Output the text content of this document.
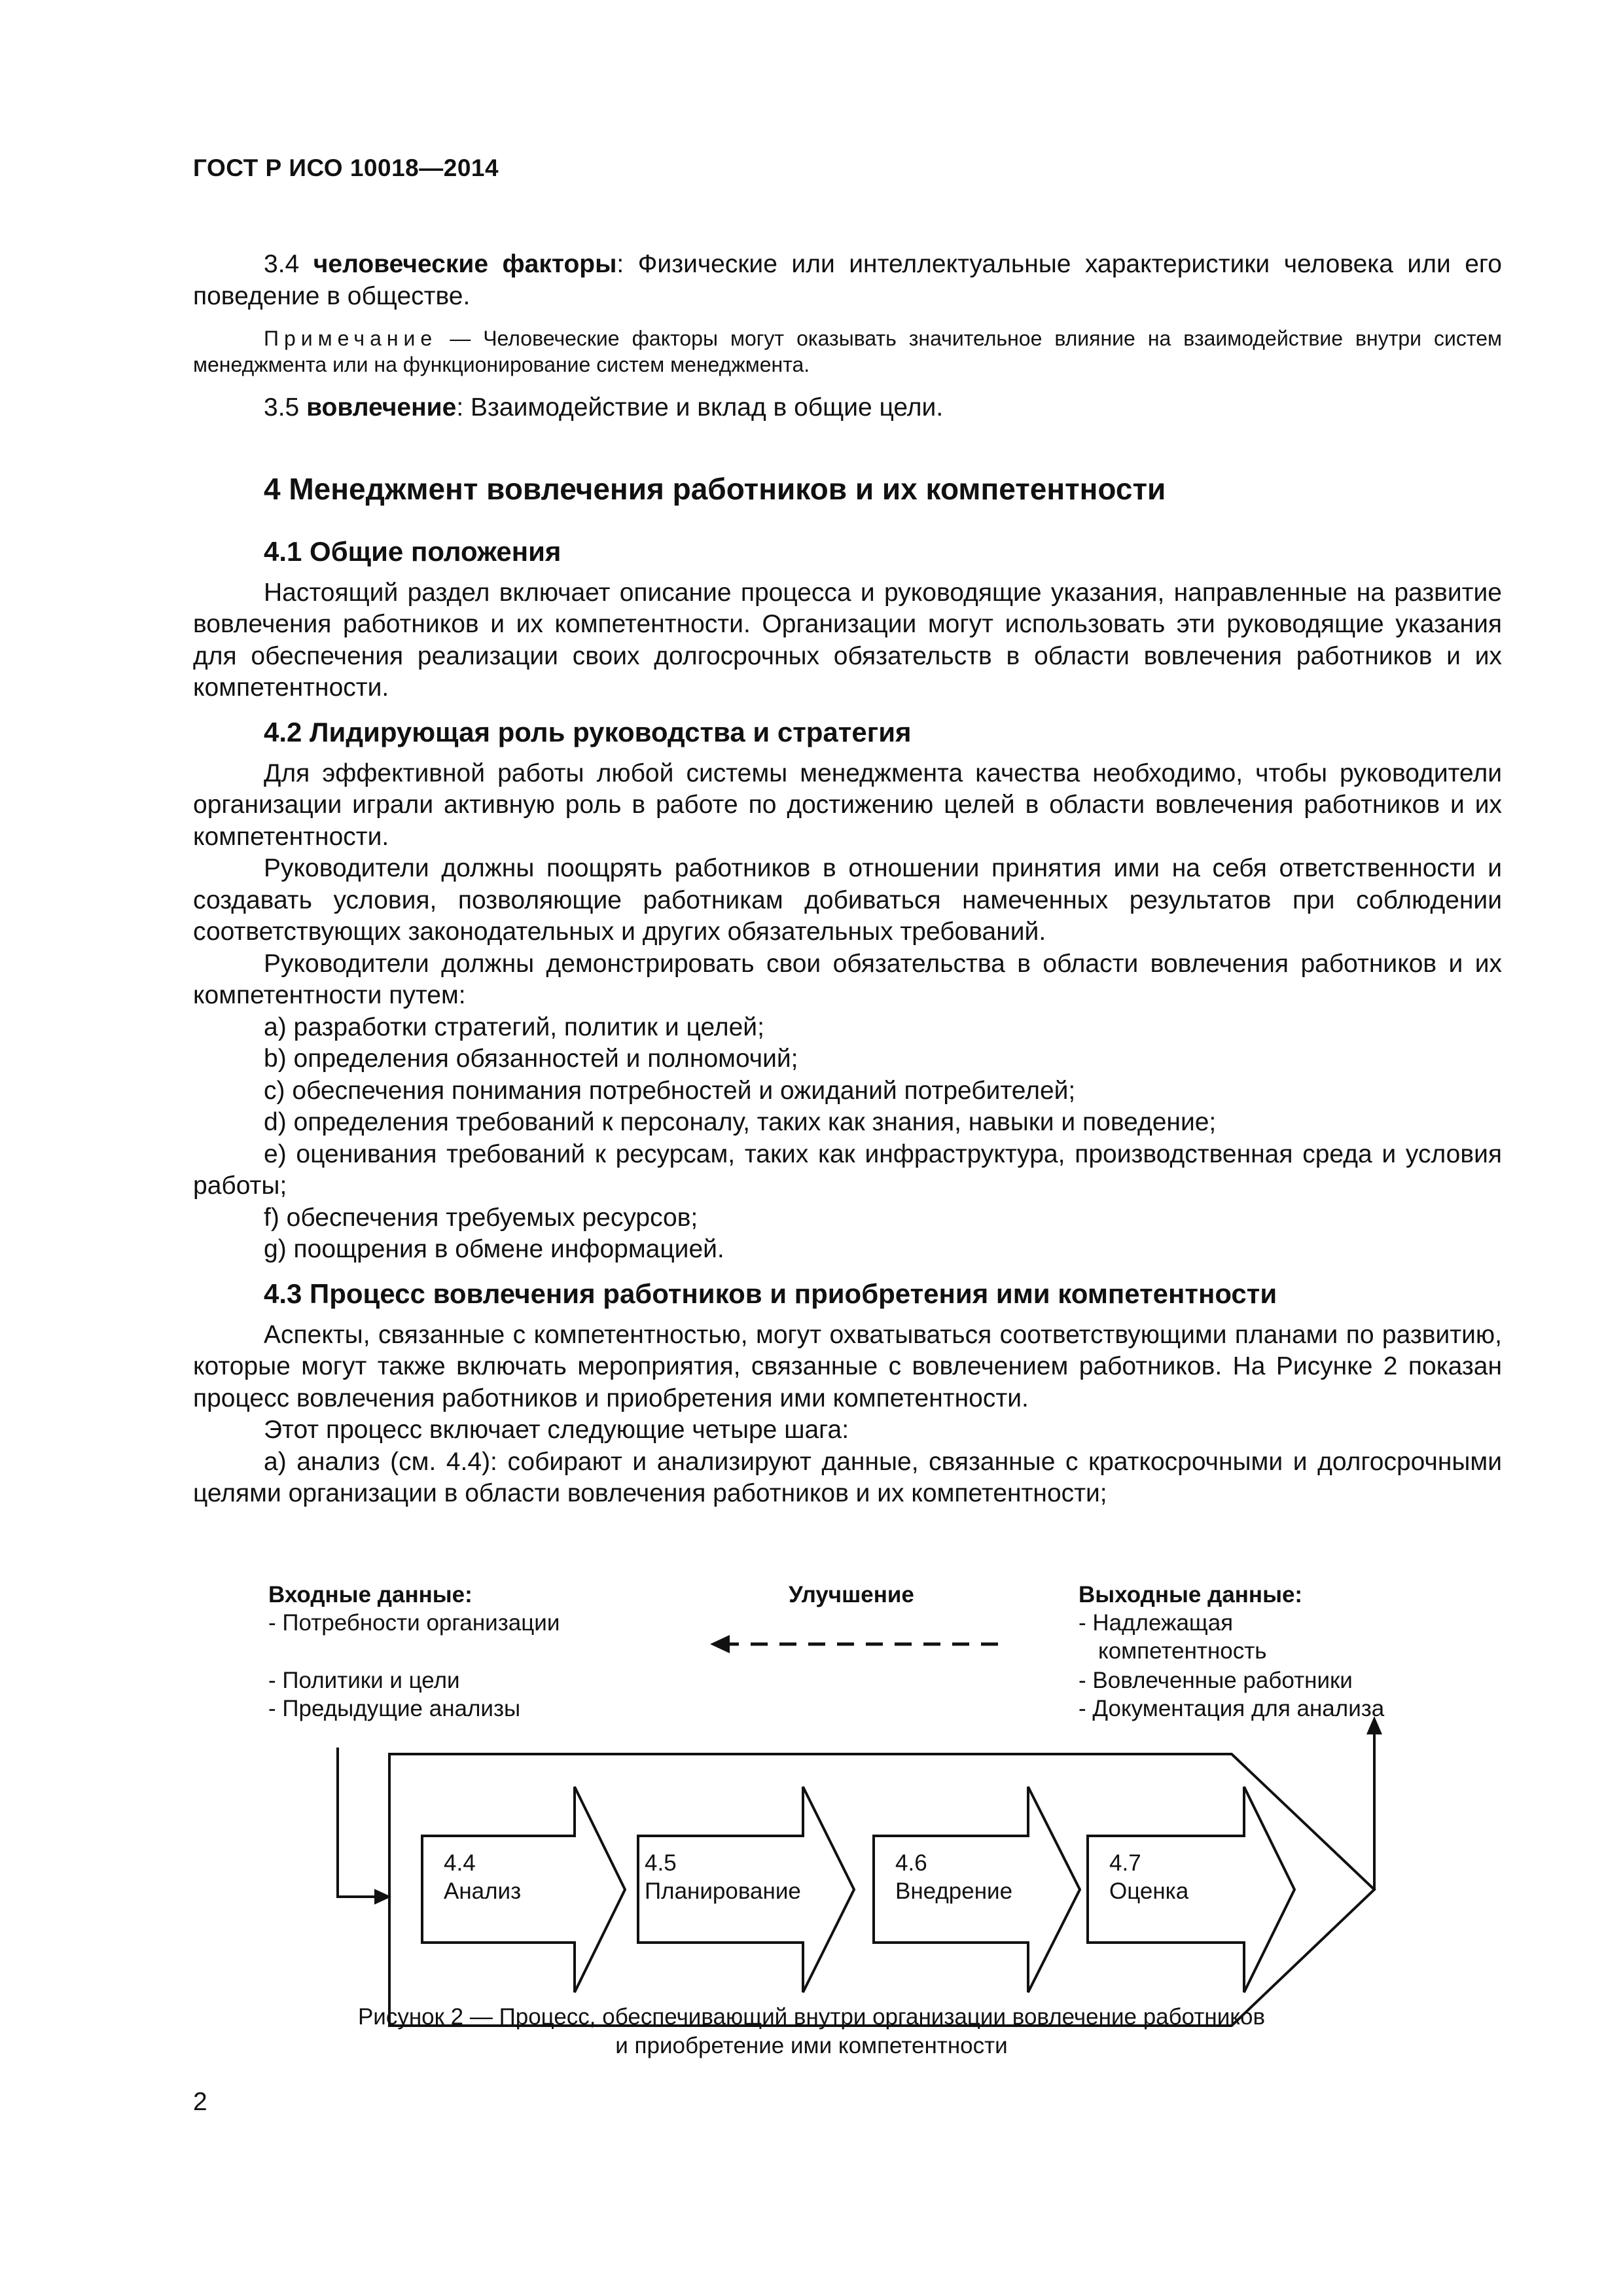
ГОСТ Р ИСО 10018—2014

3.4 человеческие факторы: Физические или интеллектуальные характеристики человека или его поведение в обществе.

Примечание — Человеческие факторы могут оказывать значительное влияние на взаимодействие внутри систем менеджмента или на функционирование систем менеджмента.

3.5 вовлечение: Взаимодействие и вклад в общие цели.

4 Менеджмент вовлечения работников и их компетентности
4.1 Общие положения

Настоящий раздел включает описание процесса и руководящие указания, направленные на развитие вовлечения работников и их компетентности. Организации могут использовать эти руководящие указания для обеспечения реализации своих долгосрочных обязательств в области вовлечения работников и их компетентности.

4.2 Лидирующая роль руководства и стратегия

Для эффективной работы любой системы менеджмента качества необходимо, чтобы руководители организации играли активную роль в работе по достижению целей в области вовлечения работников и их компетентности.

Руководители должны поощрять работников в отношении принятия ими на себя ответственности и создавать условия, позволяющие работникам добиваться намеченных результатов при соблюдении соответствующих законодательных и других обязательных требований.

Руководители должны демонстрировать свои обязательства в области вовлечения работников и их компетентности путем:

a) разработки стратегий, политик и целей;

b) определения обязанностей и полномочий;

c) обеспечения понимания потребностей и ожиданий потребителей;

d) определения требований к персоналу, таких как знания, навыки и поведение;

e) оценивания требований к ресурсам, таких как инфраструктура, производственная среда и условия работы;

f) обеспечения требуемых ресурсов;

g) поощрения в обмене информацией.

4.3 Процесс вовлечения работников и приобретения ими компетентности

Аспекты, связанные с компетентностью, могут охватываться соответствующими планами по развитию, которые могут также включать мероприятия, связанные с вовлечением работников. На Рисунке 2 показан процесс вовлечения работников и приобретения ими компетентности.

Этот процесс включает следующие четыре шага:

a) анализ (см. 4.4): собирают и анализируют данные, связанные с краткосрочными и долгосрочными целями организации в области вовлечения работников и их компетентности;

Входные данные:
- Потребности организации
- Политики и цели
- Предыдущие анализы
Улучшение	Выходные данные:
- Надлежащая
компетентность
- Вовлеченные работники
- Документация для анализа
4.4
Анализ
4.5
Планирование
4.6
Внедрение
4.7
Оценка
Рисунок 2 — Процесс, обеспечивающий внутри организации вовлечение работников
и приобретение ими компетентности
2
